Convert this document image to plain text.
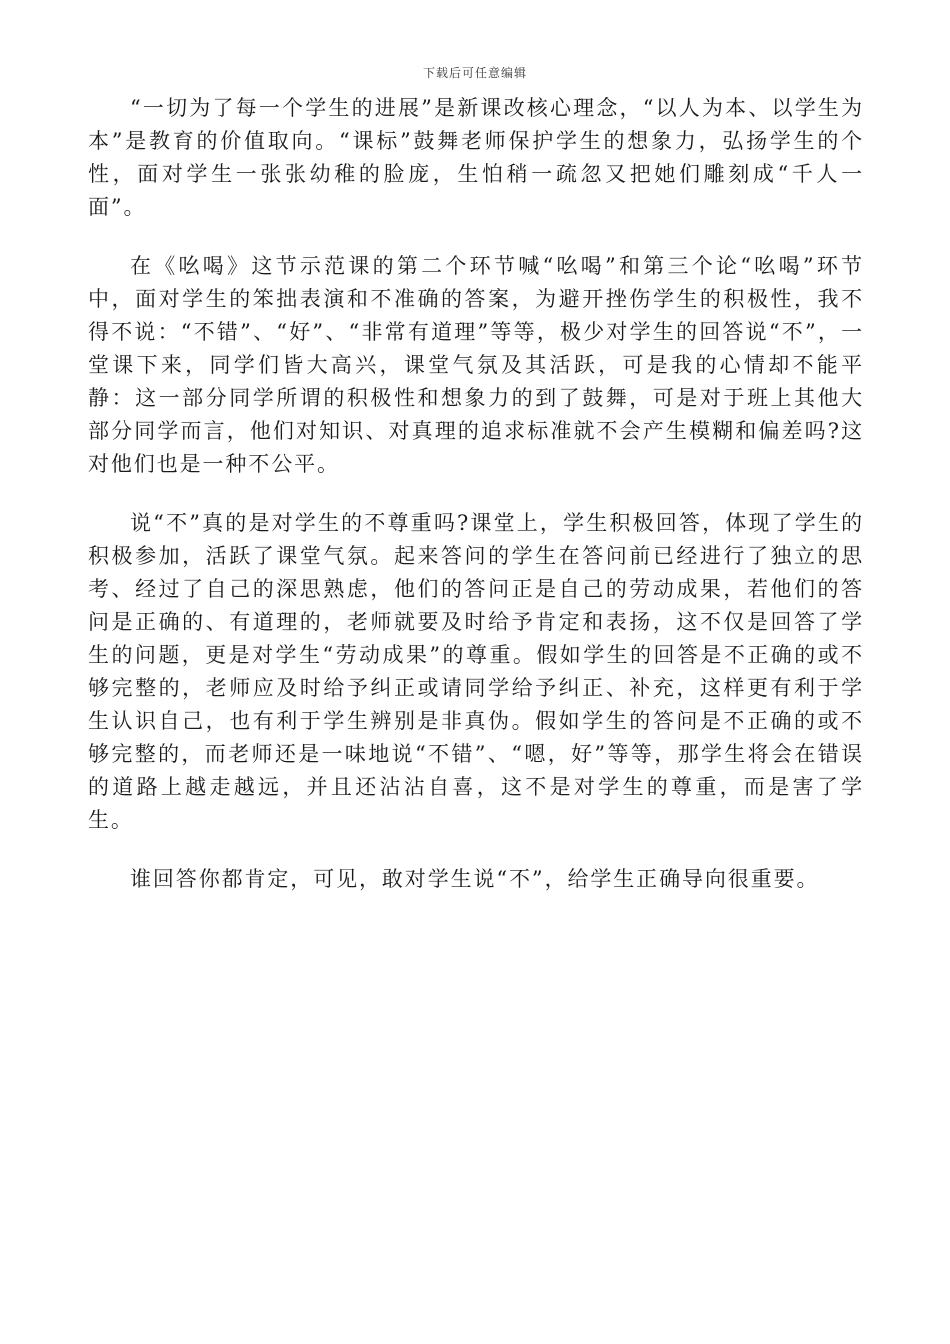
下载后可任意编辑

“一切为了每一个学生的进展”是新课改核心理念，“以人为本、以学生为本”是教育的价值取向。“课标”鼓舞老师保护学生的想象力，弘扬学生的个性，面对学生一张张幼稚的脸庞，生怕稍一疏忽又把她们雕刻成“千人一面”。

在《吆喝》这节示范课的第二个环节喊“吆喝”和第三个论“吆喝”环节中，面对学生的笨拙表演和不准确的答案，为避开挫伤学生的积极性，我不得不说：“不错”、“好”、“非常有道理”等等，极少对学生的回答说“不”，一堂课下来，同学们皆大高兴，课堂气氛及其活跃，可是我的心情却不能平静：这一部分同学所谓的积极性和想象力的到了鼓舞，可是对于班上其他大部分同学而言，他们对知识、对真理的追求标准就不会产生模糊和偏差吗?这对他们也是一种不公平。

说“不”真的是对学生的不尊重吗?课堂上，学生积极回答，体现了学生的积极参加，活跃了课堂气氛。起来答问的学生在答问前已经进行了独立的思考、经过了自己的深思熟虑，他们的答问正是自己的劳动成果，若他们的答问是正确的、有道理的，老师就要及时给予肯定和表扬，这不仅是回答了学生的问题，更是对学生“劳动成果”的尊重。假如学生的回答是不正确的或不够完整的，老师应及时给予纠正或请同学给予纠正、补充，这样更有利于学生认识自己，也有利于学生辨别是非真伪。假如学生的答问是不正确的或不够完整的，而老师还是一味地说“不错”、“嗯，好”等等，那学生将会在错误的道路上越走越远，并且还沾沾自喜，这不是对学生的尊重，而是害了学生。

谁回答你都肯定，可见，敢对学生说“不”，给学生正确导向很重要。
